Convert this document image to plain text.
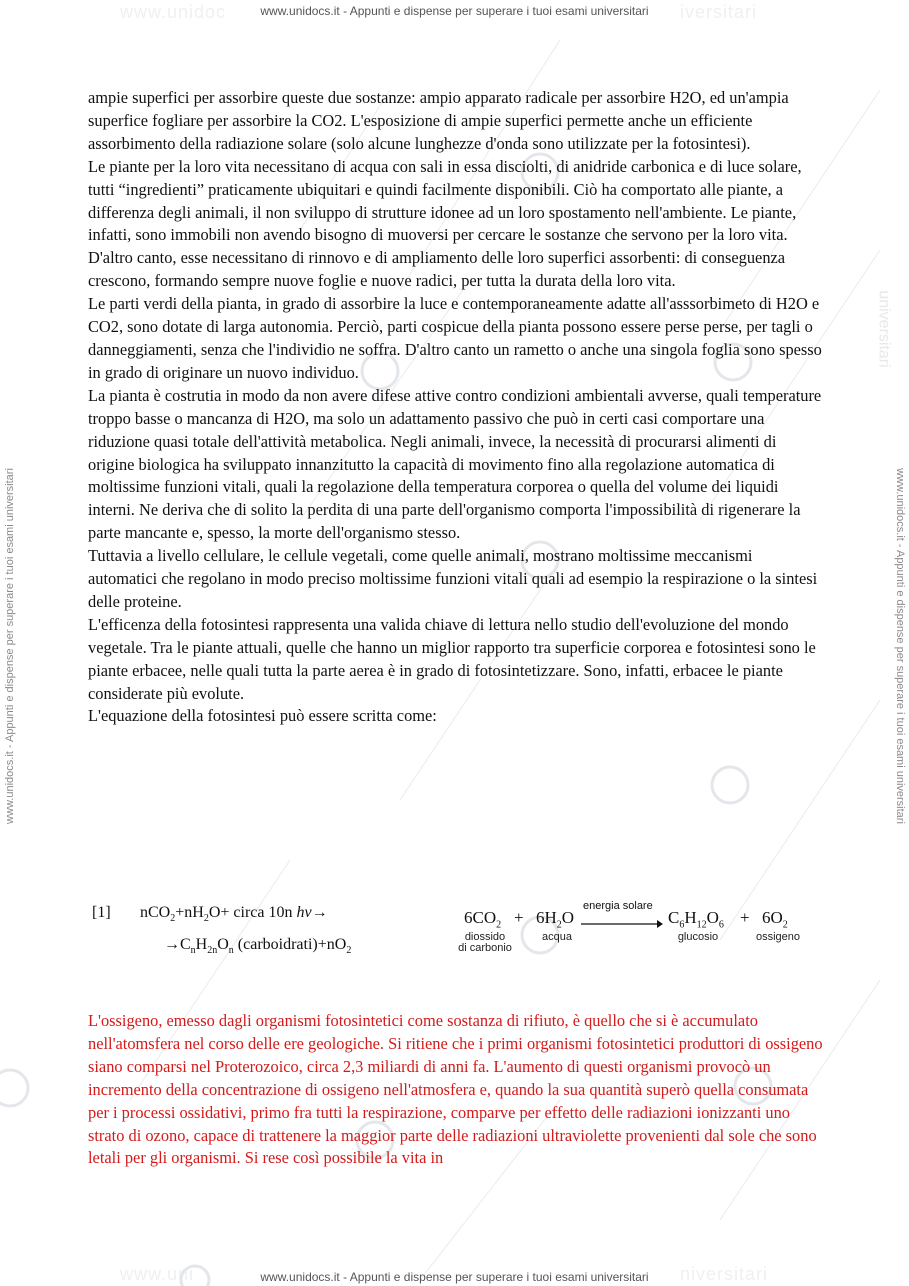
www.unidoc	iversitari
www.uni	niversitari
universitari
www.unidocs.it - Appunti e dispense per superare i tuoi esami universitari
www.unidocs.it - Appunti e dispense per superare i tuoi esami universitari
www.unidocs.it - Appunti e dispense per superare i tuoi esami universitari	www.unidocs.it - Appunti e dispense per superare i tuoi esami universitari

ampie superfici per assorbire queste due sostanze: ampio apparato radicale per assorbire H2O, ed un'ampia superfice fogliare per assorbire la CO2. L'esposizione di ampie superfici permette anche un efficiente assorbimento della radiazione solare (solo alcune lunghezze d'onda sono utilizzate per la fotosintesi).

Le piante per la loro vita necessitano di acqua con sali in essa disciolti, di anidride carbonica e di luce solare, tutti “ingredienti” praticamente ubiquitari e quindi facilmente disponibili. Ciò ha comportato alle piante, a differenza degli animali, il non sviluppo di strutture idonee ad un loro spostamento nell'ambiente. Le piante, infatti, sono immobili non avendo bisogno di muoversi per cercare le sostanze che servono per la loro vita. D'altro canto, esse necessitano di rinnovo e di ampliamento delle loro superfici assorbenti: di conseguenza crescono, formando sempre nuove foglie e nuove radici, per tutta la durata della loro vita.

Le parti verdi della pianta, in grado di assorbire la luce e contemporaneamente adatte all'asssorbimeto di H2O e CO2, sono dotate di larga autonomia. Perciò, parti cospicue della pianta possono essere perse perse, per tagli o danneggiamenti, senza che l'individio ne soffra. D'altro canto un rametto o anche una singola foglia sono spesso in grado di originare un nuovo individuo.

La pianta è costrutia in modo da non avere difese attive contro condizioni ambientali avverse, quali temperature troppo basse o mancanza di H2O, ma solo un adattamento passivo che può in certi casi comportare una riduzione quasi totale dell'attività metabolica. Negli animali, invece, la necessità di procurarsi alimenti di origine biologica ha sviluppato innanzitutto la capacità di movimento fino alla regolazione automatica di moltissime funzioni vitali, quali la regolazione della temperatura corporea o quella del volume dei liquidi interni. Ne deriva che di solito la perdita di una parte dell'organismo comporta l'impossibilità di rigenerare la parte mancante e, spesso, la morte dell'organismo stesso.

Tuttavia a livello cellulare, le cellule vegetali, come quelle animali, mostrano moltissime meccanismi automatici che regolano in modo preciso moltissime funzioni vitali quali ad esempio la respirazione o la sintesi delle proteine.

L'efficenza della fotosintesi rappresenta una valida chiave di lettura nello studio dell'evoluzione del mondo vegetale. Tra le piante attuali, quelle che hanno un miglior rapporto tra superficie corporea e fotosintesi sono le piante erbacee, nelle quali tutta la parte aerea è in grado di fotosintetizzare. Sono, infatti, erbacee le piante considerate più evolute.

L'equazione della fotosintesi può essere scritta come:

[1] $nCO_2+nH_2O+$ circa 10n hν→
$\to C_nH_{2n}O_n$ $(carboidrati)+nO_2$
energia solare
$6CO_2$
diossido
di carbonio
+ $6H_2O$
acqua
$C_6H_{12}O_6$
glucosio
+ $6O_2$
ossigeno

L'ossigeno, emesso dagli organismi fotosintetici come sostanza di rifiuto, è quello che si è accumulato nell'atomsfera nel corso delle ere geologiche. Si ritiene che i primi organismi fotosintetici produttori di ossigeno siano comparsi nel Proterozoico, circa 2,3 miliardi di anni fa. L'aumento di questi organismi provocò un incremento della concentrazione di ossigeno nell'atmosfera e, quando la sua quantità superò quella consumata per i processi ossidativi, primo fra tutti la respirazione, comparve per effetto delle radiazioni ionizzanti uno strato di ozono, capace di trattenere la maggior parte delle radiazioni ultraviolette provenienti dal sole che sono letali per gli organismi. Si rese così possibile la vita in
